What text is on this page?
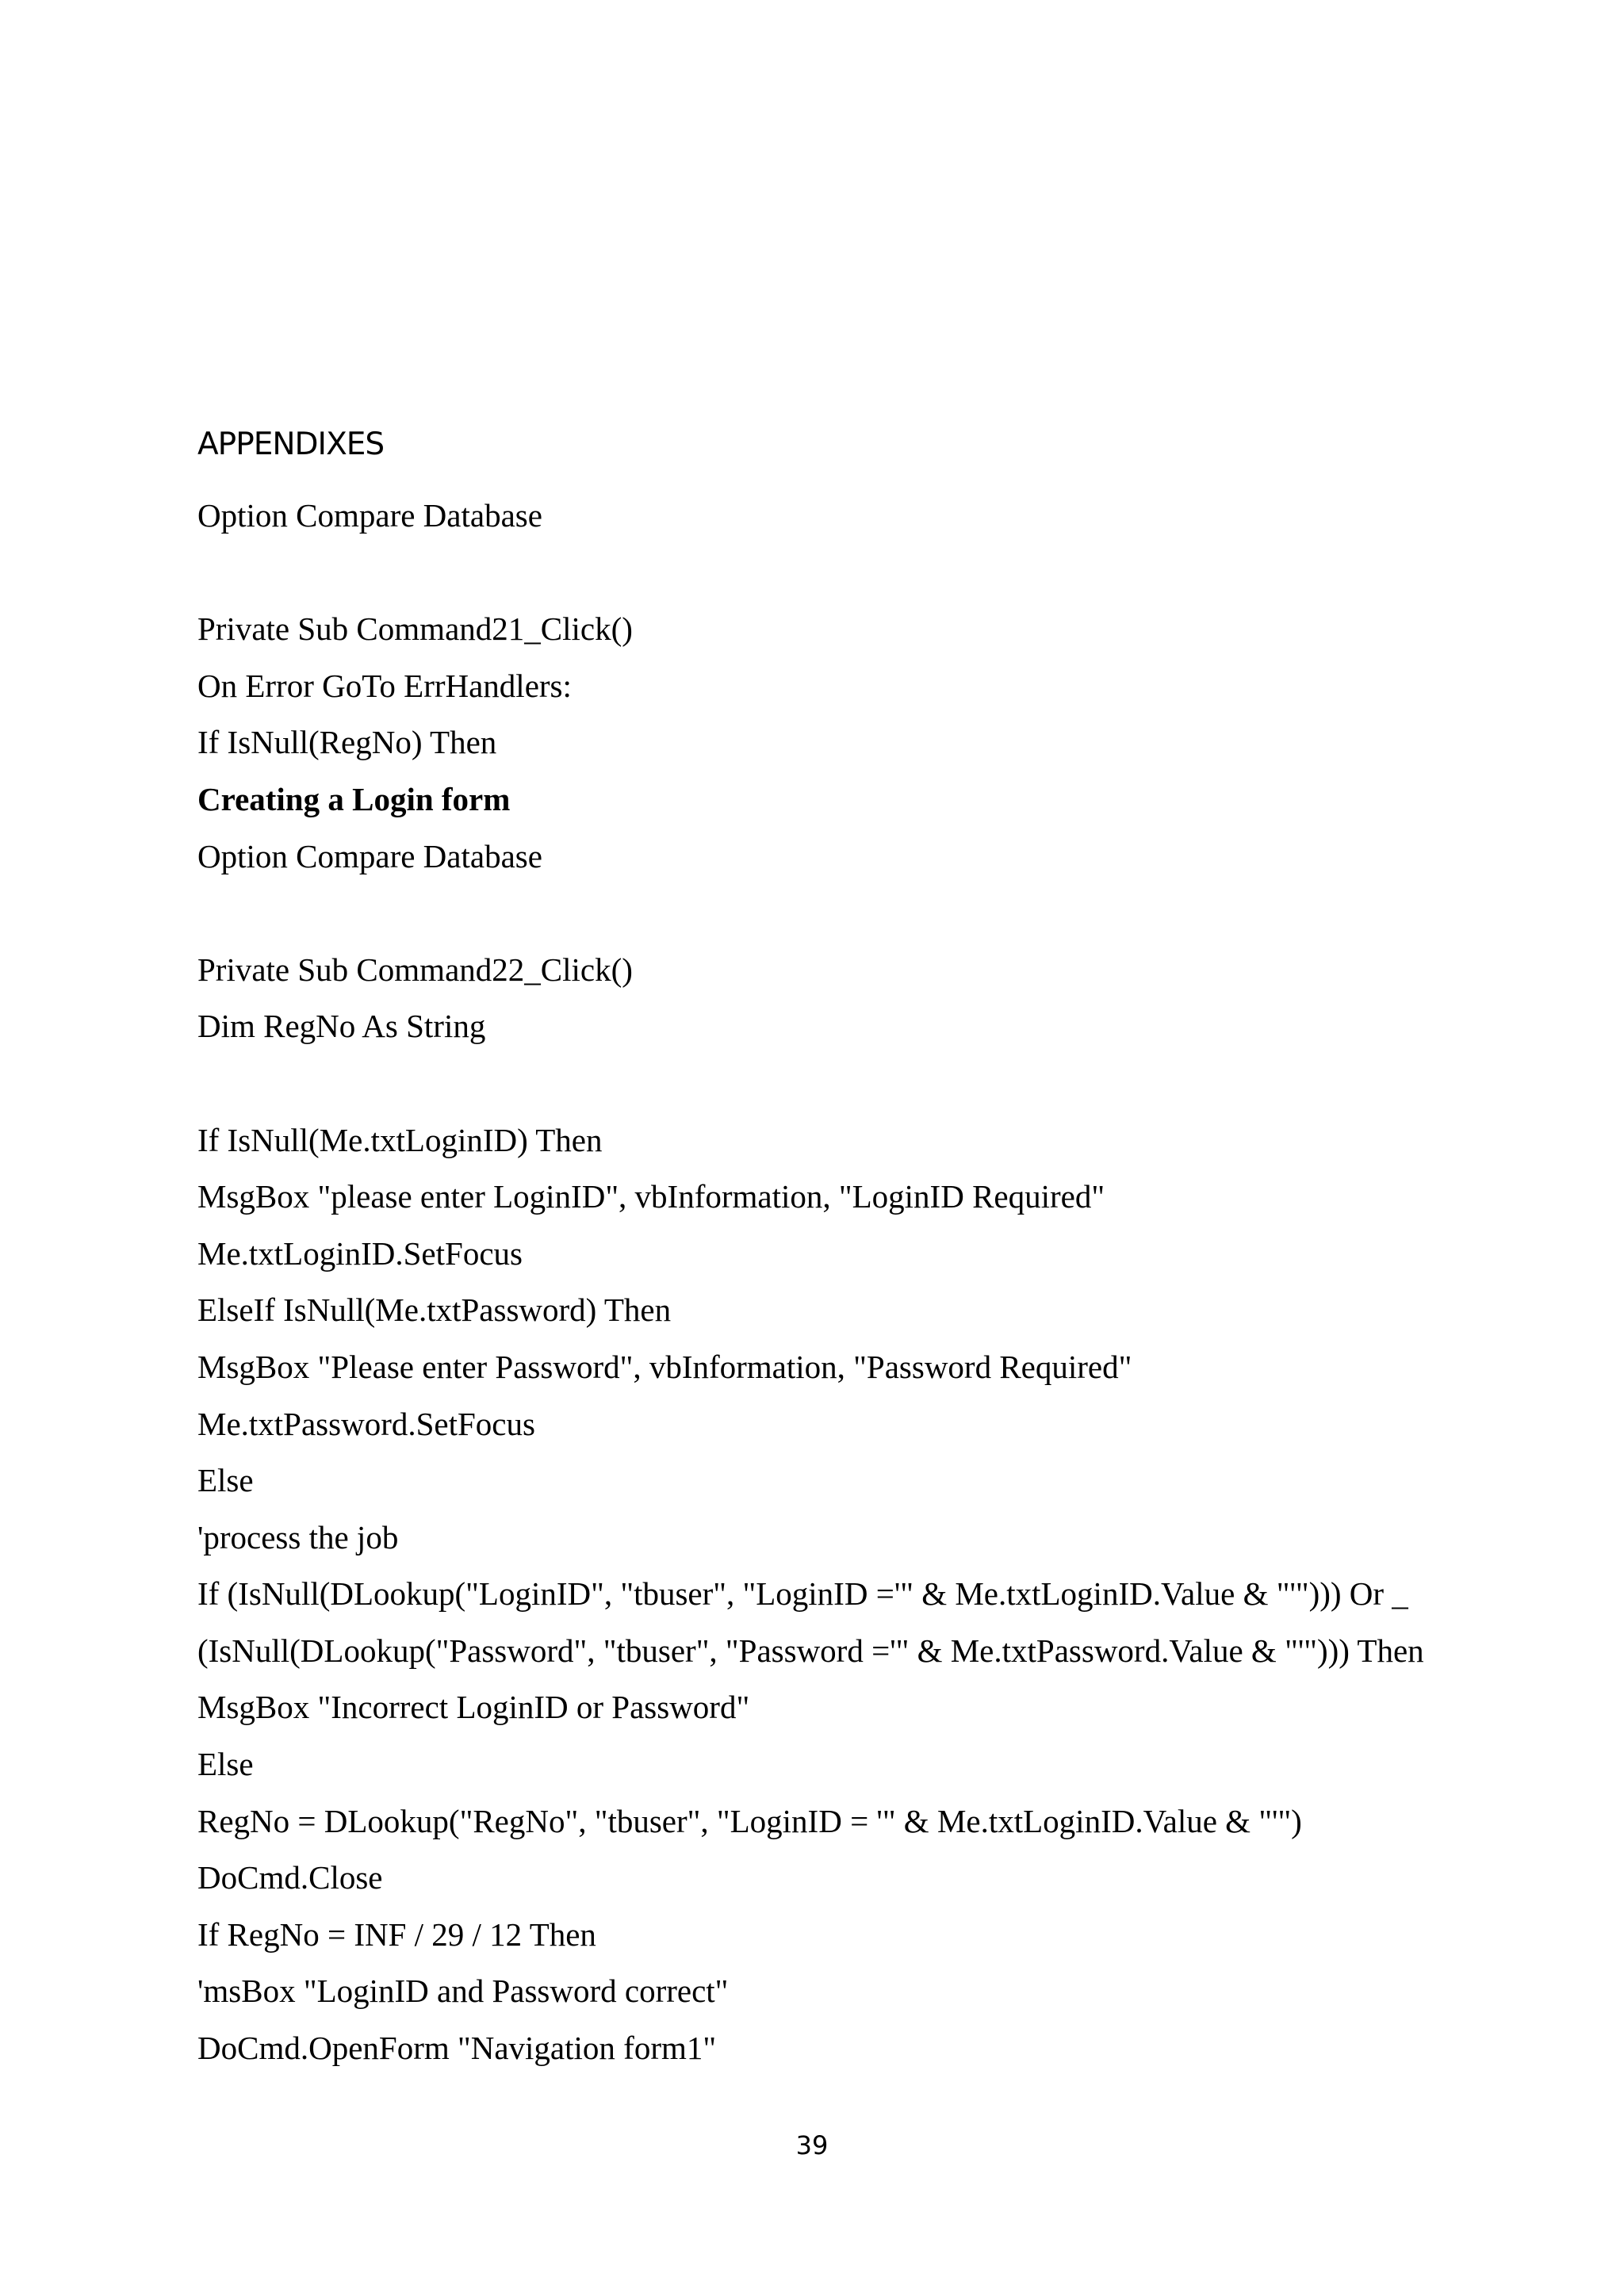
APPENDIXES
Option Compare Database
Private Sub Command21_Click()
On Error GoTo ErrHandlers:
If IsNull(RegNo) Then
Creating a Login form
Option Compare Database
Private Sub Command22_Click()
Dim RegNo As String
If IsNull(Me.txtLoginID) Then
MsgBox "please enter LoginID", vbInformation, "LoginID Required"
Me.txtLoginID.SetFocus
ElseIf IsNull(Me.txtPassword) Then
MsgBox "Please enter Password", vbInformation, "Password Required"
Me.txtPassword.SetFocus
Else
'process the job
If (IsNull(DLookup("LoginID", "tbuser", "LoginID ='" & Me.txtLoginID.Value & "'"))) Or _
(IsNull(DLookup("Password", "tbuser", "Password ='" & Me.txtPassword.Value & "'"))) Then
MsgBox "Incorrect LoginID or Password"
Else
RegNo = DLookup("RegNo", "tbuser", "LoginID = '" & Me.txtLoginID.Value & "'")
DoCmd.Close
If RegNo = INF / 29 / 12 Then
'msBox "LoginID and Password correct"
DoCmd.OpenForm "Navigation form1"
39
